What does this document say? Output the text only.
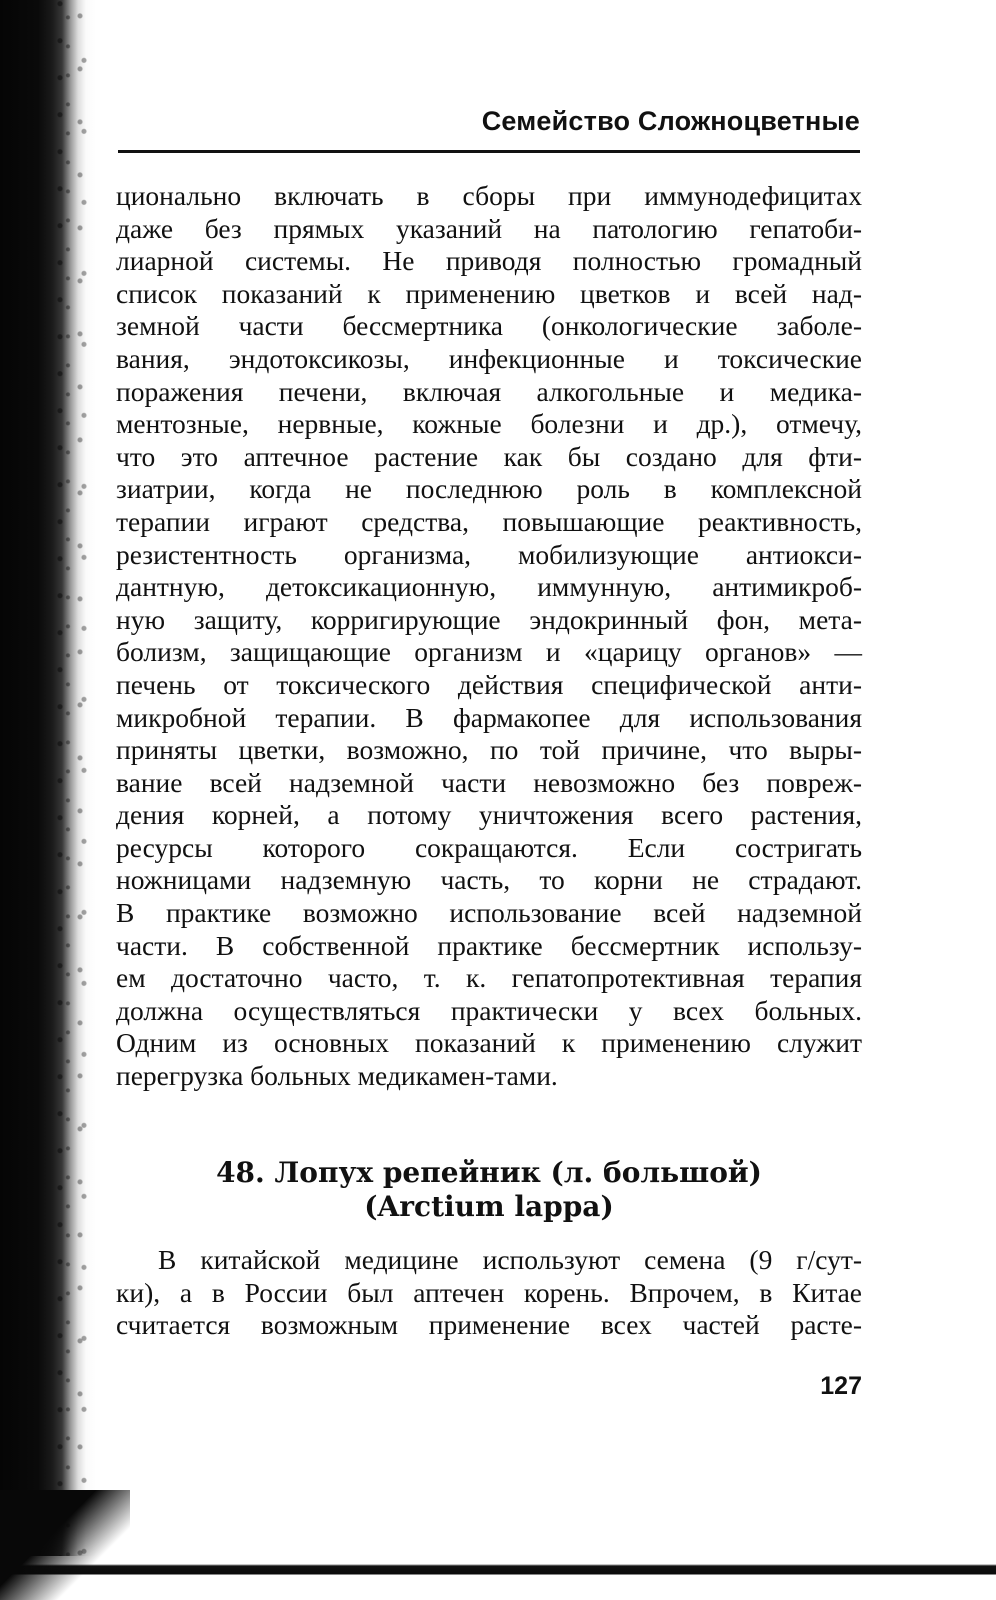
Семейство Сложноцветные
ционально включать в сборы при иммунодефицитах
даже без прямых указаний на патологию гепатоби-
лиарной системы. Не приводя полностью громадный
список показаний к применению цветков и всей над-
земной части бессмертника (онкологические заболе-
вания, эндотоксикозы, инфекционные и токсические
поражения печени, включая алкогольные и медика-
ментозные, нервные, кожные болезни и др.), отмечу,
что это аптечное растение как бы создано для фти-
зиатрии, когда не последнюю роль в комплексной
терапии играют средства, повышающие реактивность,
резистентность организма, мобилизующие антиокси-
дантную, детоксикационную, иммунную, антимикроб-
ную защиту, корригирующие эндокринный фон, мета-
болизм, защищающие организм и «царицу органов» —
печень от токсического действия специфической анти-
микробной терапии. В фармакопее для использования
приняты цветки, возможно, по той причине, что выры-
вание всей надземной части невозможно без повреж-
дения корней, а потому уничтожения всего растения,
ресурсы которого сокращаются. Если состригать
ножницами надземную часть, то корни не страдают.
В практике возможно использование всей надземной
части. В собственной практике бессмертник использу-
ем достаточно часто, т. к. гепатопротективная терапия
должна осуществляться практически у всех больных.
Одним из основных показаний к применению служит
перегрузка больных медикамен-тами.
48. Лопух репейник (л. большой)
(Arctium lappa)
В китайской медицине используют семена (9 г/сут-
ки), а в России был аптечен корень. Впрочем, в Китае
считается возможным применение всех частей расте-
127
